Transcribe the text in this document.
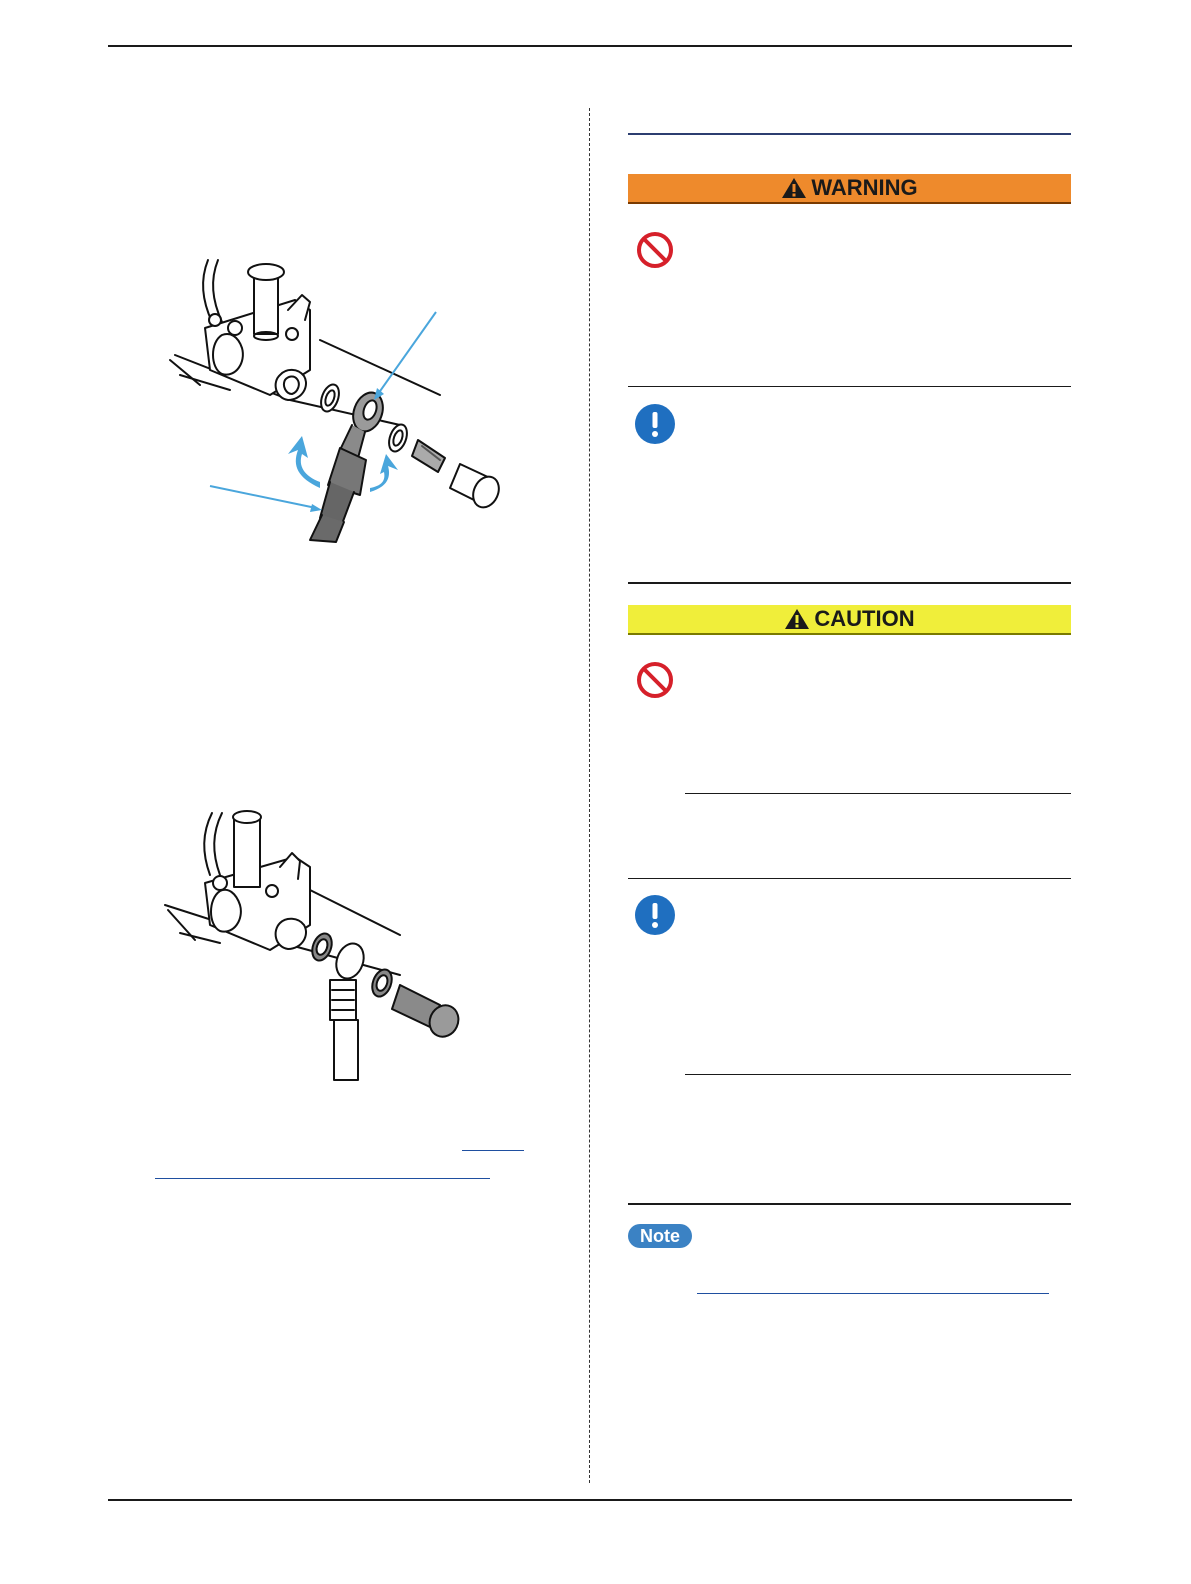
WARNING
CAUTION
Note
